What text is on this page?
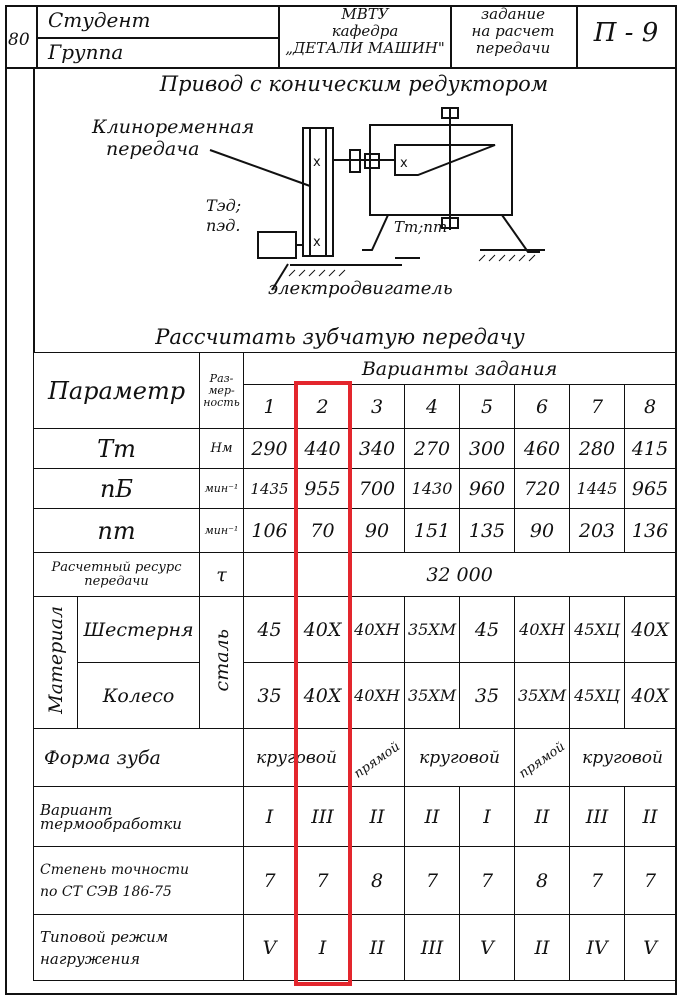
80
Студент
Группа
МВТУ
кафедра
„ДЕТАЛИ МАШИН"
задание
на расчет
передачи	П - 9
Привод с коническим редуктором
Клиноременная
передача
Tэд;
nэд.
электродвигатель
Tт;nт
x
x
x
Рассчитать зубчатую передачу
Параметр		Раз-мер-ность	Варианты задания							
			1	2	3	4	5	6	7	8
Tт		Нм	290	440	340	270	300	460	280	415
nБ		мин⁻¹	1435	955	700	1430	960	720	1445	965
nт		мин⁻¹	106	70	90	151	135	90	203	136
Расчетный ресурс передачи		τ	32 000							
Материал	Шестерня	сталь	45	40Х	40ХН	35ХМ	45	40ХН	45ХЦ	40Х
	Колесо		35	40Х	40ХН	35ХМ	35	35ХМ	45ХЦ	40Х
Форма зуба			круговой		прямой	круговой		прямой	круговой	
Вариант термообработки			I	III	II	II	I	II	III	II

Степень точности
по СТ СЭВ 186-75			7	7	8	7	7	8	7	7

Типовой режим
нагружения			V	I	II	III	V	II	IV	V
